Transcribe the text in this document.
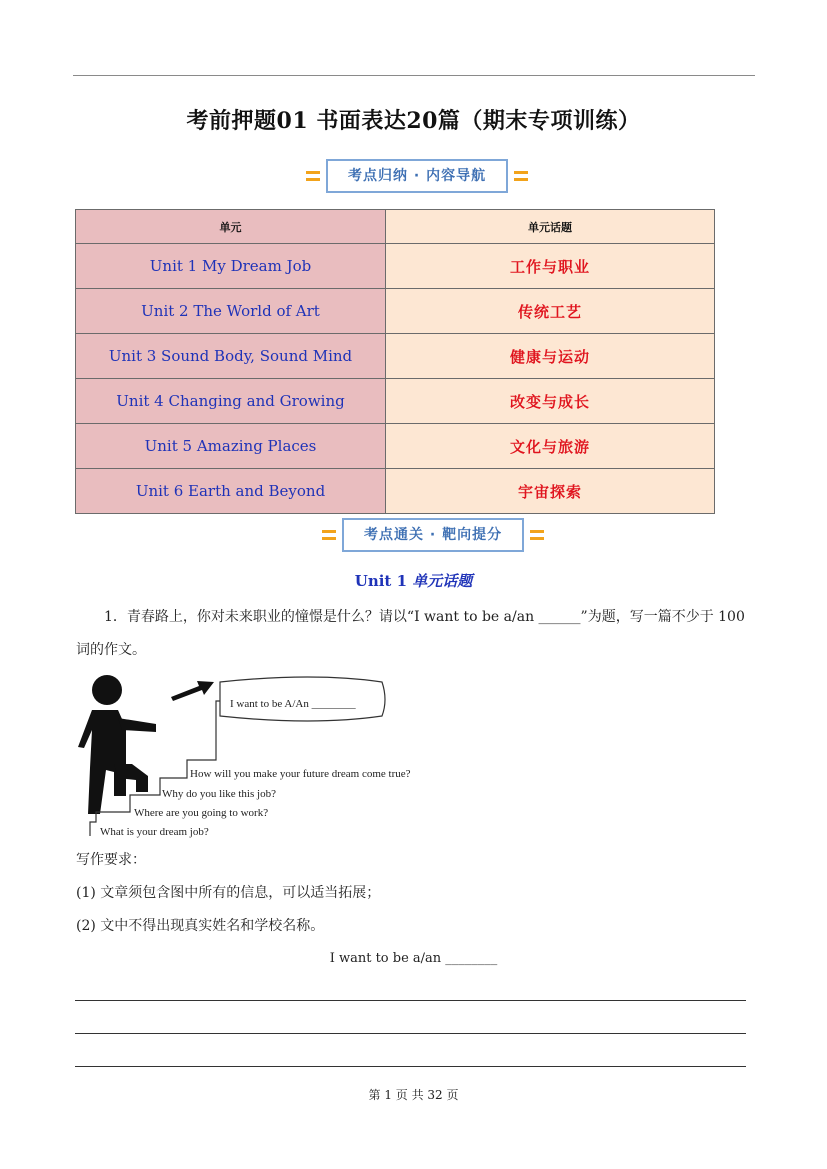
考前押题01 书面表达20篇（期末专项训练）
考点归纳 · 内容导航
单元	单元话题
Unit 1 My Dream Job	工作与职业
Unit 2 The World of Art	传统工艺
Unit 3 Sound Body, Sound Mind	健康与运动
Unit 4 Changing and Growing	改变与成长
Unit 5 Amazing Places	文化与旅游
Unit 6 Earth and Beyond	宇宙探索
考点通关 · 靶向提分
Unit 1 单元话题
1．青春路上，你对未来职业的憧憬是什么？请以“I want to be a/an ______”为题，写一篇不少于 100 词的作文。
I want to be A/An ________
How will you make your future dream come true?
Why do you like this job?
Where are you going to work?
What is your dream job?
写作要求：
(1) 文章须包含图中所有的信息，可以适当拓展；
(2) 文中不得出现真实姓名和学校名称。
I want to be a/an ________
第 1 页 共 32 页
